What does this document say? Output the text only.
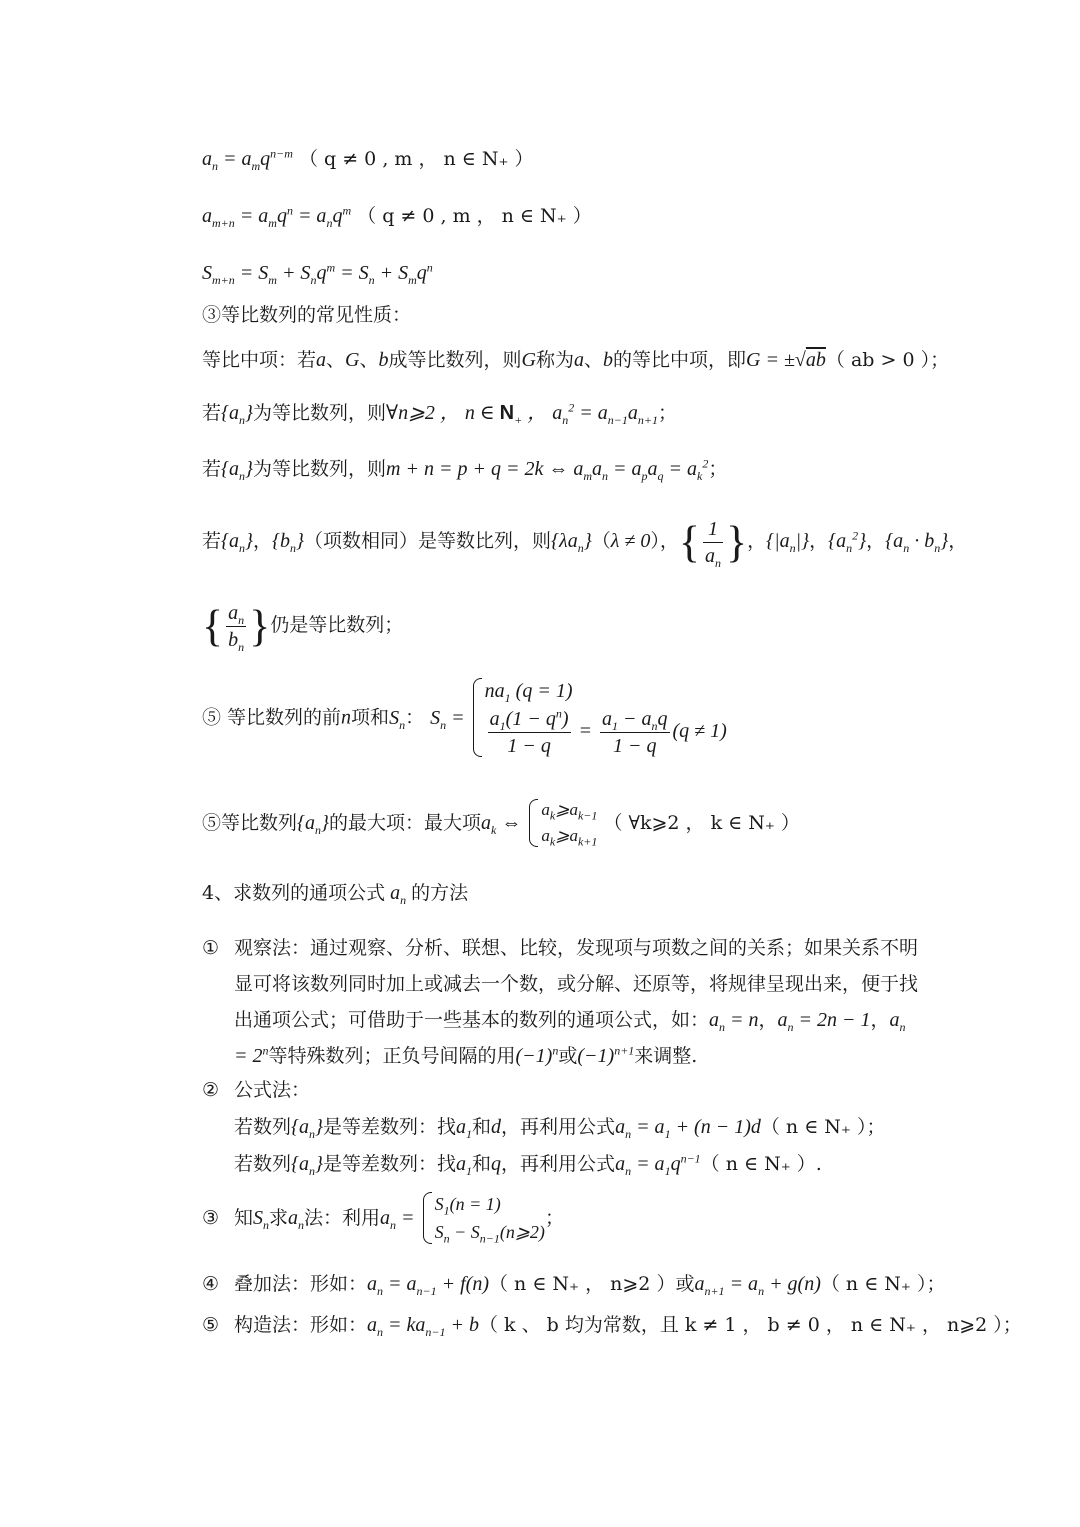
$a_n = a_mq^{n-m}$ （ q ≠ 0 , m ， n ∈ N₊ ）
$a_{m+n} = a_mq^n = a_nq^m$ （ q ≠ 0 , m ， n ∈ N₊ ）
$S_{m+n} = S_m + S_nq^m = S_n + S_mq^n$
③等比数列的常见性质：
等比中项：若a、G、b成等比数列，则G称为a、b的等比中项，即G = ±√ab（ ab > 0 ）；
若$\{a_n\}$为等比数列，则∀n⩾2 ， n ∈ $N_+$ ， $a_n^2 = a_{n-1}a_{n+1}$；
若$\{a_n\}$为等比数列，则m + n = p + q = 2k ⇔ $a_ma_n = a_pa_q = a_k^2$；
若$\{a_n\}$，$\{b_n\}$（项数相同）是等数比列，则$\{\lambda a_n\}(\lambda \ne 0)$，{ $\frac{1}{a_n}$ }，$\{|a_n|\}$，$\{a_n^2\}$，$\{a_n \cdot b_n\}$，
{ $\frac{a_n}{b_n}$ }仍是等比数列；
⑤ 等比数列的前n项和$S_n$： $S_n$ =
$na_1$ (q = 1)
$\frac{a_1(1 - q^n)}{1 - q} = \frac{a_1 - a_nq}{1 - q} (q \ne 1)$
⑤等比数列$\{a_n\}$的最大项：最大项$a_k$ ⇔
$a_k⩾a_{k-1}$
$a_k⩾a_{k+1}$
（ ∀k⩾2 ， k ∈ N₊ ）
4、求数列的通项公式 $a_n$ 的方法
① 观察法：通过观察、分析、联想、比较，发现项与项数之间的关系；如果关系不明显可将该数列同时加上或减去一个数，或分解、还原等，将规律呈现出来，便于找出通项公式；可借助于一些基本的数列的通项公式，如：$a_n = n$，$a_n = 2n - 1$，$a_n = 2^n$等特殊数列；正负号间隔的用$(-1)^n$或$(-1)^{n+1}$来调整.
② 公式法：
若数列$\{a_n\}$是等差数列：找$a_1$和d，再利用公式$a_n = a_1 + (n - 1)d$（ n ∈ N₊ ）；
若数列$\{a_n\}$是等差数列：找$a_1$和q，再利用公式$a_n = a_1q^{n-1}$（ n ∈ N₊ ）.
③ 知$S_n$求$a_n$法：利用$a_n$ =
$S_1(n = 1)$
$S_n$ − $S_{n-1}(n⩾2)$
；
④ 叠加法：形如：$a_n = a_{n-1} + f(n)$（ n ∈ N₊ ， n⩾2 ）或$a_{n+1} = a_n + g(n)$（ n ∈ N₊ ）；
⑤ 构造法：形如：$a_n = ka_{n-1} + b$（ k 、 b 均为常数，且 k ≠ 1 ， b ≠ 0 ， n ∈ N₊ ， n⩾2 ）；
